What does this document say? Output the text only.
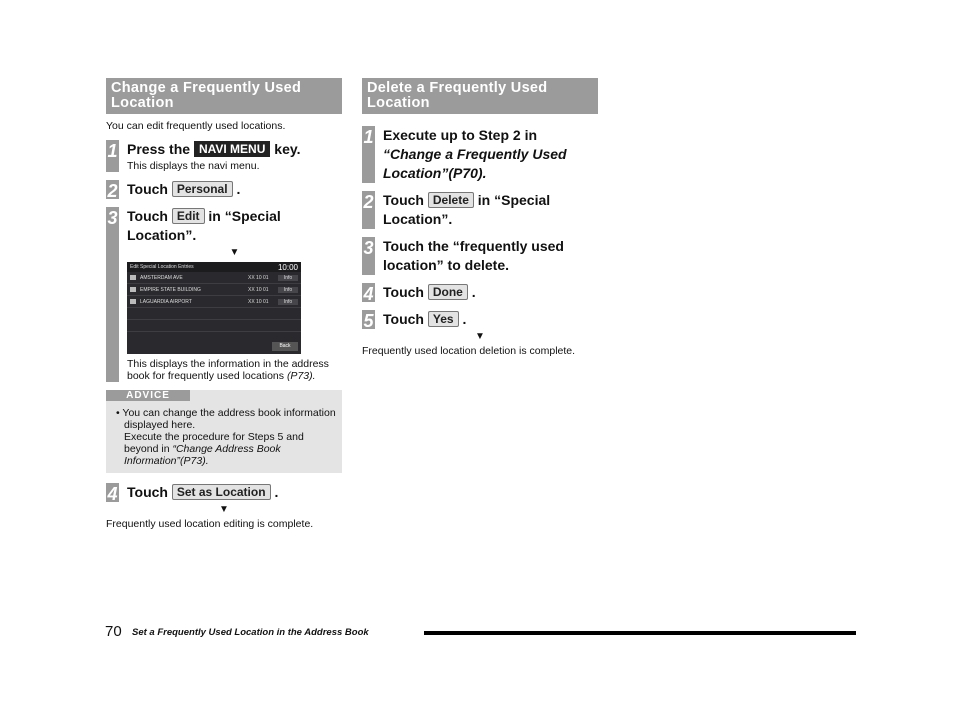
Change a Frequently Used Location
You can edit frequently used locations.
1 Press the NAVI MENU key.
This displays the navi menu.
2 Touch Personal .
3 Touch Edit in “Special Location”.
▼
Edit Special Location Entries	10:00
AMSTERDAM AVE	XX 10 01	Info
EMPIRE STATE BUILDING	XX 10 01	Info
LAGUARDIA AIRPORT	XX 10 01	Info
Back
This displays the information in the address book for frequently used locations (P73).
ADVICE
• You can change the address book information displayed here.
Execute the procedure for Steps 5 and beyond in “Change Address Book Information”(P73).
4 Touch Set as Location .
▼
Frequently used location editing is complete.
Delete a Frequently Used Location
1 Execute up to Step 2 in
“Change a Frequently Used Location”(P70).
2 Touch Delete in “Special Location”.
3 Touch the “frequently used location” to delete.
4 Touch Done .
5 Touch Yes .
▼
Frequently used location deletion is complete.
70 Set a Frequently Used Location in the Address Book
